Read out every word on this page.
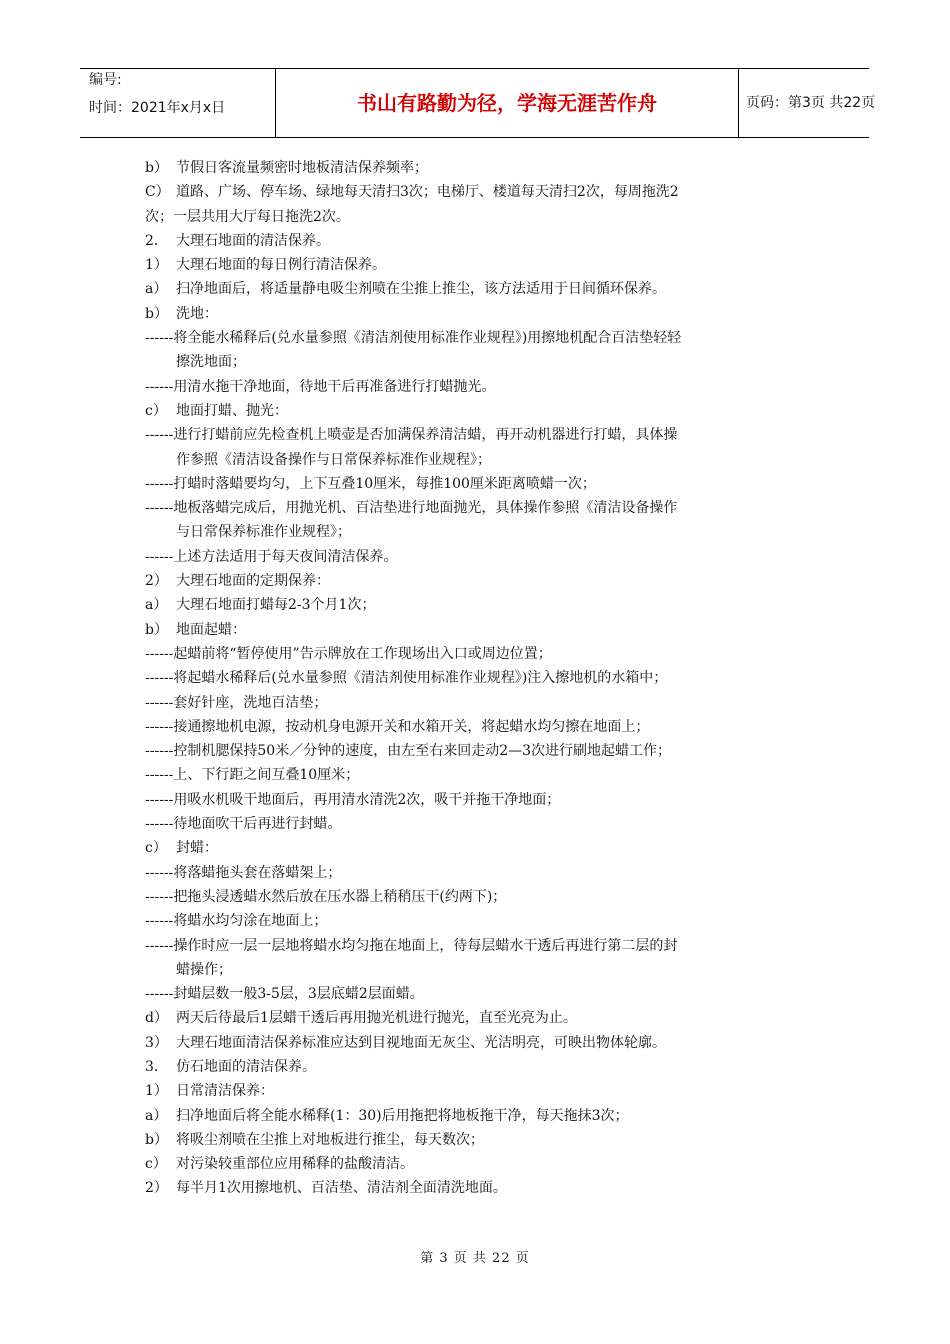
编号:
时间：2021年x月x日	书山有路勤为径，学海无涯苦作舟	页码：第3页 共22页
b） 节假日客流量频密时地板清洁保养频率；
C） 道路、广场、停车场、绿地每天清扫3次；电梯厅、楼道每天清扫2次，每周拖洗2
次；一层共用大厅每日拖洗2次。
2． 大理石地面的清洁保养。
1） 大理石地面的每日例行清洁保养。
a） 扫净地面后，将适量静电吸尘剂喷在尘推上推尘，该方法适用于日间循环保养。
b） 洗地：
------将全能水稀释后(兑水量参照《清洁剂使用标准作业规程》)用擦地机配合百洁垫轻轻
擦洗地面；
------用清水拖干净地面，待地干后再准备进行打蜡抛光。
c） 地面打蜡、抛光：
------进行打蜡前应先检查机上喷壶是否加满保养清洁蜡，再开动机器进行打蜡，具体操
作参照《清洁设备操作与日常保养标准作业规程》；
------打蜡时落蜡要均匀，上下互叠10厘米，每推100厘米距离喷蜡一次；
------地板落蜡完成后，用抛光机、百洁垫进行地面抛光，具体操作参照《清洁设备操作
与日常保养标准作业规程》；
------上述方法适用于每天夜间清洁保养。
2） 大理石地面的定期保养：
a） 大理石地面打蜡每2-3个月1次；
b） 地面起蜡：
------起蜡前将“暂停使用”告示牌放在工作现场出入口或周边位置；
------将起蜡水稀释后(兑水量参照《清洁剂使用标准作业规程》)注入擦地机的水箱中；
------套好针座，洗地百洁垫；
------接通擦地机电源，按动机身电源开关和水箱开关，将起蜡水均匀擦在地面上；
------控制机腮保持50米／分钟的速度，由左至右来回走动2—3次进行刷地起蜡工作；
------上、下行距之间互叠10厘米；
------用吸水机吸干地面后，再用清水清洗2次，吸干并拖干净地面；
------待地面吹干后再进行封蜡。
c） 封蜡：
------将落蜡拖头套在落蜡架上；
------把拖头浸透蜡水然后放在压水器上稍稍压干(约两下)；
------将蜡水均匀涂在地面上；
------操作时应一层一层地将蜡水均匀拖在地面上，待每层蜡水干透后再进行第二层的封
蜡操作；
------封蜡层数一般3-5层，3层底蜡2层面蜡。
d） 两天后待最后1层蜡干透后再用抛光机进行抛光，直至光亮为止。
3） 大理石地面清洁保养标准应达到目视地面无灰尘、光洁明亮，可映出物体轮廓。
3． 仿石地面的清洁保养。
1） 日常清洁保养：
a） 扫净地面后将全能水稀释(1：30)后用拖把将地板拖干净，每天拖抹3次；
b） 将吸尘剂喷在尘推上对地板进行推尘，每天数次；
c） 对污染较重部位应用稀释的盐酸清洁。
2） 每半月1次用擦地机、百洁垫、清洁剂全面清洗地面。
第 3 页 共 22 页
